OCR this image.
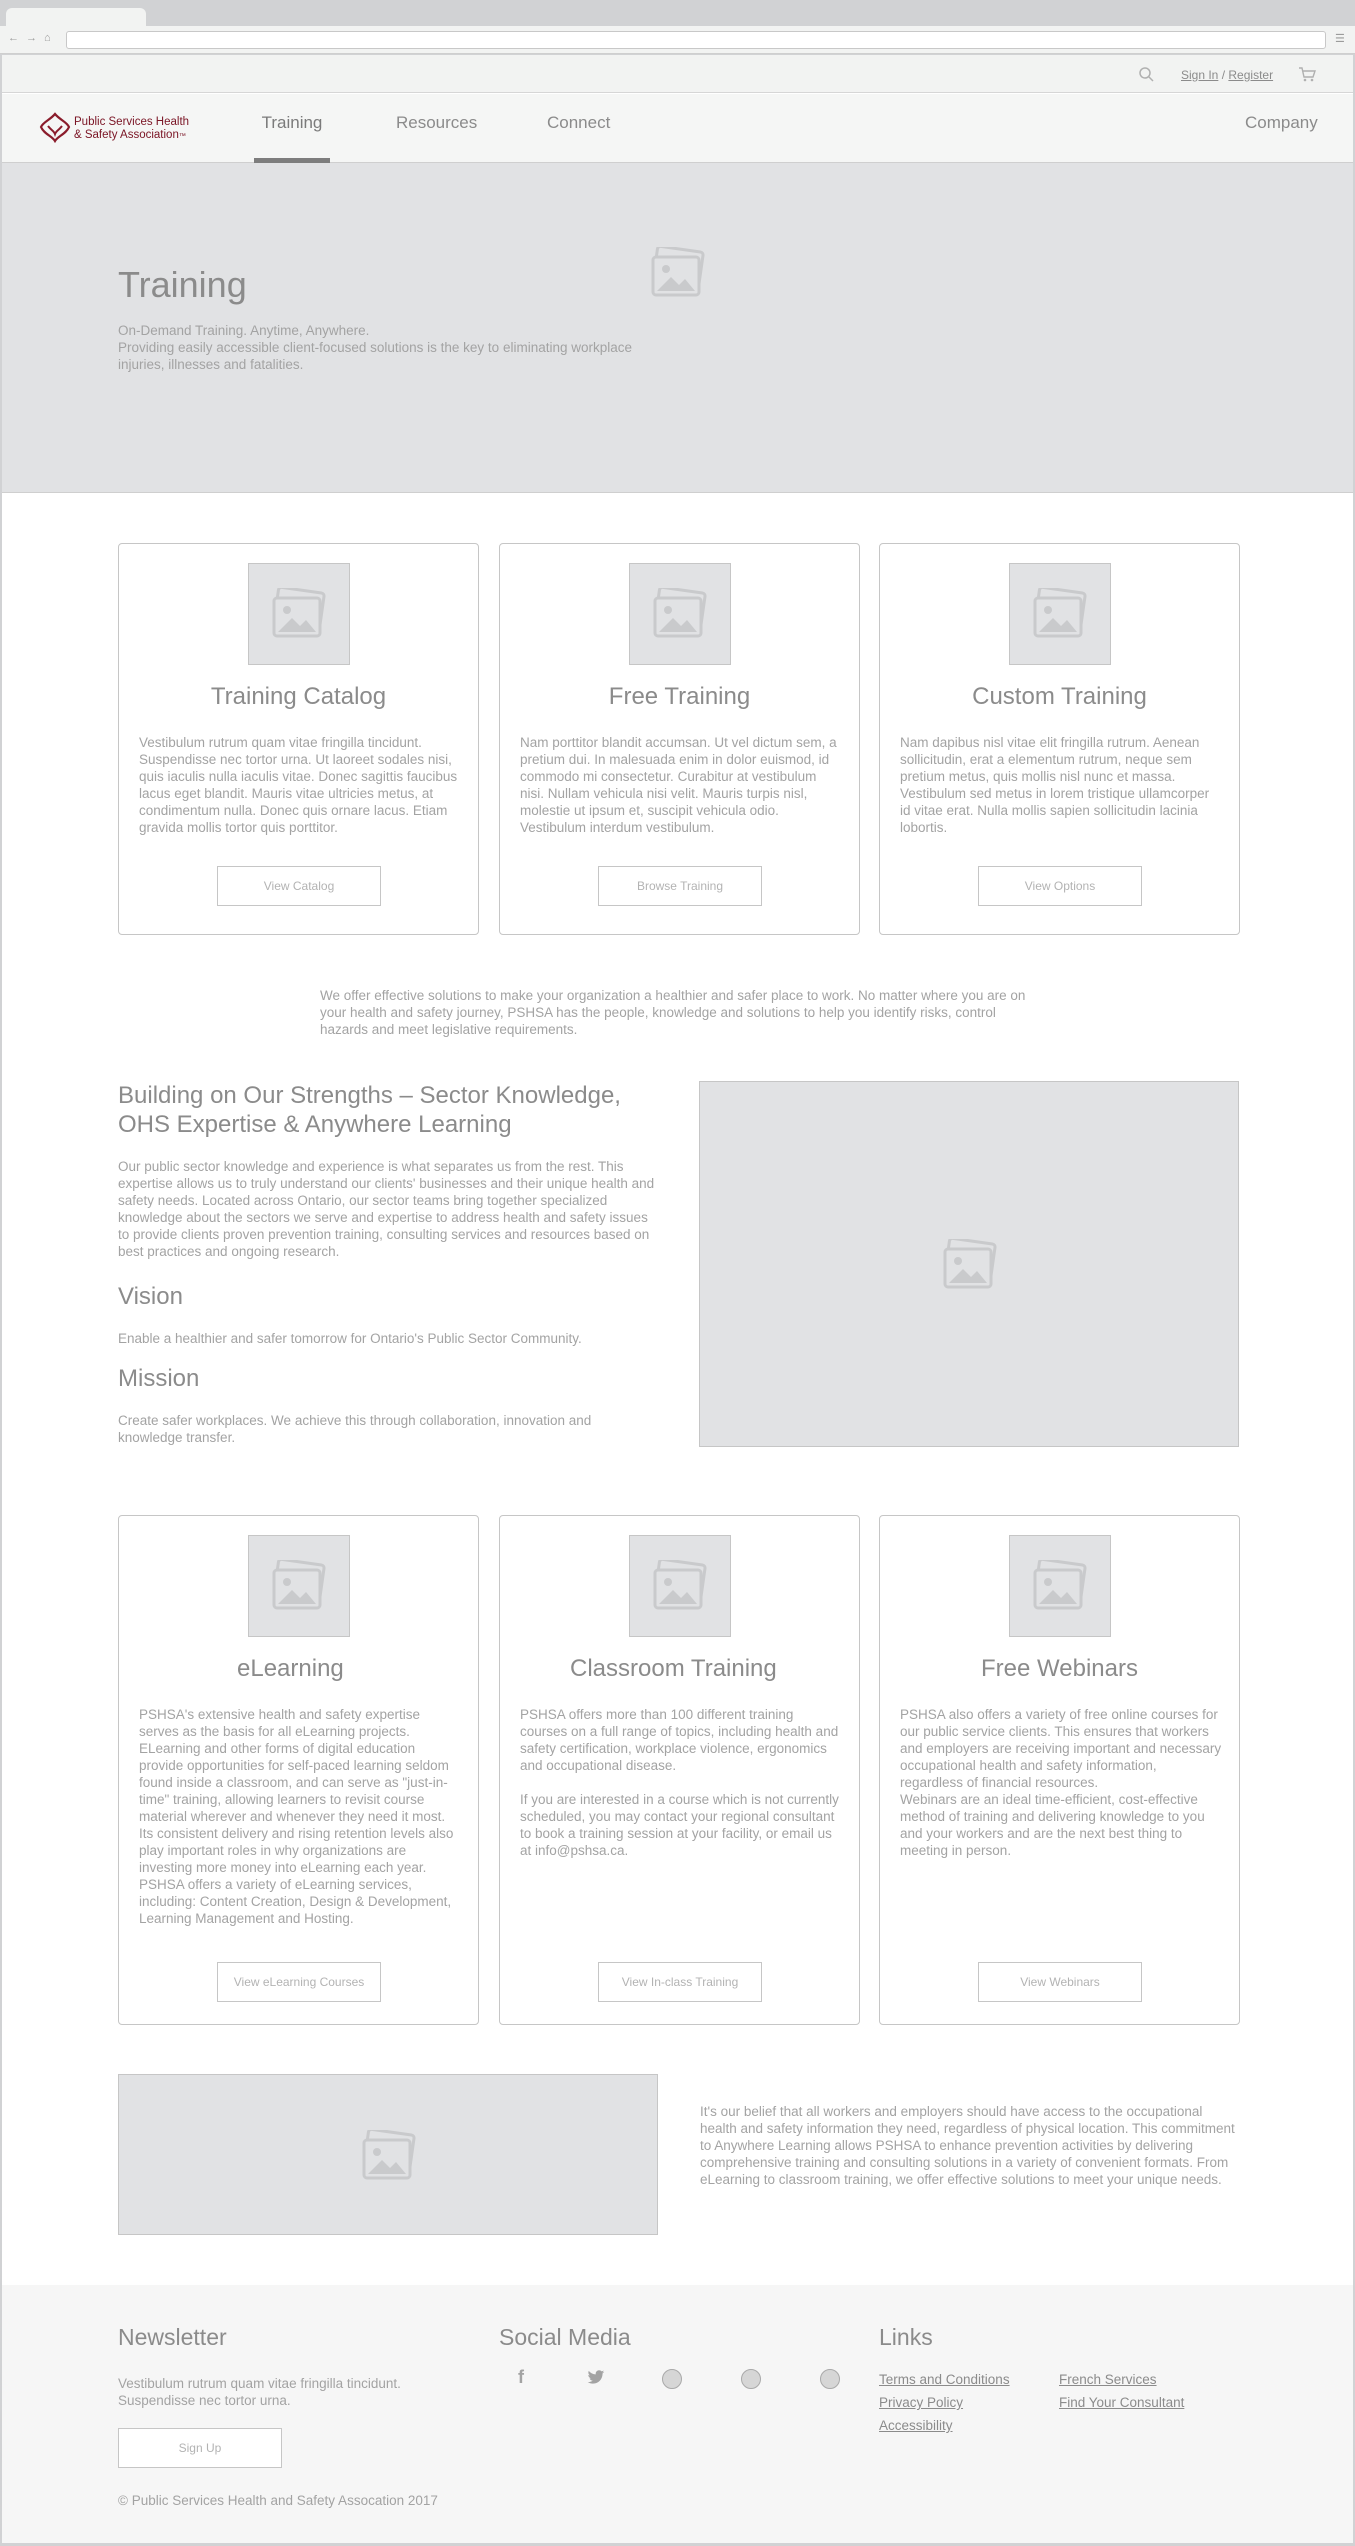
← → ⌂	☰
Sign In / Register
Public Services Health
& Safety Association™
Training	Resources	Connect	Company
Training
On-Demand Training. Anytime, Anywhere.
Providing easily accessible client-focused solutions is the key to eliminating workplace injuries, illnesses and fatalities.
Training Catalog

Vestibulum rutrum quam vitae fringilla tincidunt. Suspendisse nec tortor urna. Ut laoreet sodales nisi, quis iaculis nulla iaculis vitae. Donec sagittis faucibus lacus eget blandit. Mauris vitae ultricies metus, at condimentum nulla. Donec quis ornare lacus. Etiam gravida mollis tortor quis porttitor.

View Catalog
Free Training

Nam porttitor blandit accumsan. Ut vel dictum sem, a pretium dui. In malesuada enim in dolor euismod, id commodo mi consectetur. Curabitur at vestibulum nisi. Nullam vehicula nisi velit. Mauris turpis nisl, molestie ut ipsum et, suscipit vehicula odio. Vestibulum interdum vestibulum.

Browse Training
Custom Training

Nam dapibus nisl vitae elit fringilla rutrum. Aenean sollicitudin, erat a elementum rutrum, neque sem pretium metus, quis mollis nisl nunc et massa. Vestibulum sed metus in lorem tristique ullamcorper id vitae erat. Nulla mollis sapien sollicitudin lacinia lobortis.

View Options

We offer effective solutions to make your organization a healthier and safer place to work. No matter where you are on your health and safety journey, PSHSA has the people, knowledge and solutions to help you identify risks, control hazards and meet legislative requirements.

Building on Our Strengths – Sector Knowledge, OHS Expertise & Anywhere Learning

Our public sector knowledge and experience is what separates us from the rest. This expertise allows us to truly understand our clients' businesses and their unique health and safety needs. Located across Ontario, our sector teams bring together specialized knowledge about the sectors we serve and expertise to address health and safety issues to provide clients proven prevention training, consulting services and resources based on best practices and ongoing research.

Vision

Enable a healthier and safer tomorrow for Ontario's Public Sector Community.

Mission

Create safer workplaces. We achieve this through collaboration, innovation and knowledge transfer.

eLearning

PSHSA's extensive health and safety expertise serves as the basis for all eLearning projects. ELearning and other forms of digital education provide opportunities for self-paced learning seldom found inside a classroom, and can serve as "just-in-time" training, allowing learners to revisit course material wherever and whenever they need it most. Its consistent delivery and rising retention levels also play important roles in why organizations are investing more money into eLearning each year. PSHSA offers a variety of eLearning services, including: Content Creation, Design & Development, Learning Management and Hosting.

View eLearning Courses
Classroom Training

PSHSA offers more than 100 different training courses on a full range of topics, including health and safety certification, workplace violence, ergonomics and occupational disease.

If you are interested in a course which is not currently scheduled, you may contact your regional consultant to book a training session at your facility, or email us at info@pshsa.ca.

View In-class Training
Free Webinars

PSHSA also offers a variety of free online courses for our public service clients. This ensures that workers and employers are receiving important and necessary occupational health and safety information, regardless of financial resources.

Webinars are an ideal time-efficient, cost-effective method of training and delivering knowledge to you and your workers and are the next best thing to meeting in person.

View Webinars

It's our belief that all workers and employers should have access to the occupational health and safety information they need, regardless of physical location. This commitment to Anywhere Learning allows PSHSA to enhance prevention activities by delivering comprehensive training and consulting solutions in a variety of convenient formats. From eLearning to classroom training, we offer effective solutions to meet your unique needs.

Newsletter

Vestibulum rutrum quam vitae fringilla tincidunt. Suspendisse nec tortor urna.

Sign Up
Social Media
f
Links
Terms and Conditions	French Services
Privacy Policy	Find Your Consultant
Accessibility

© Public Services Health and Safety Assocation 2017
